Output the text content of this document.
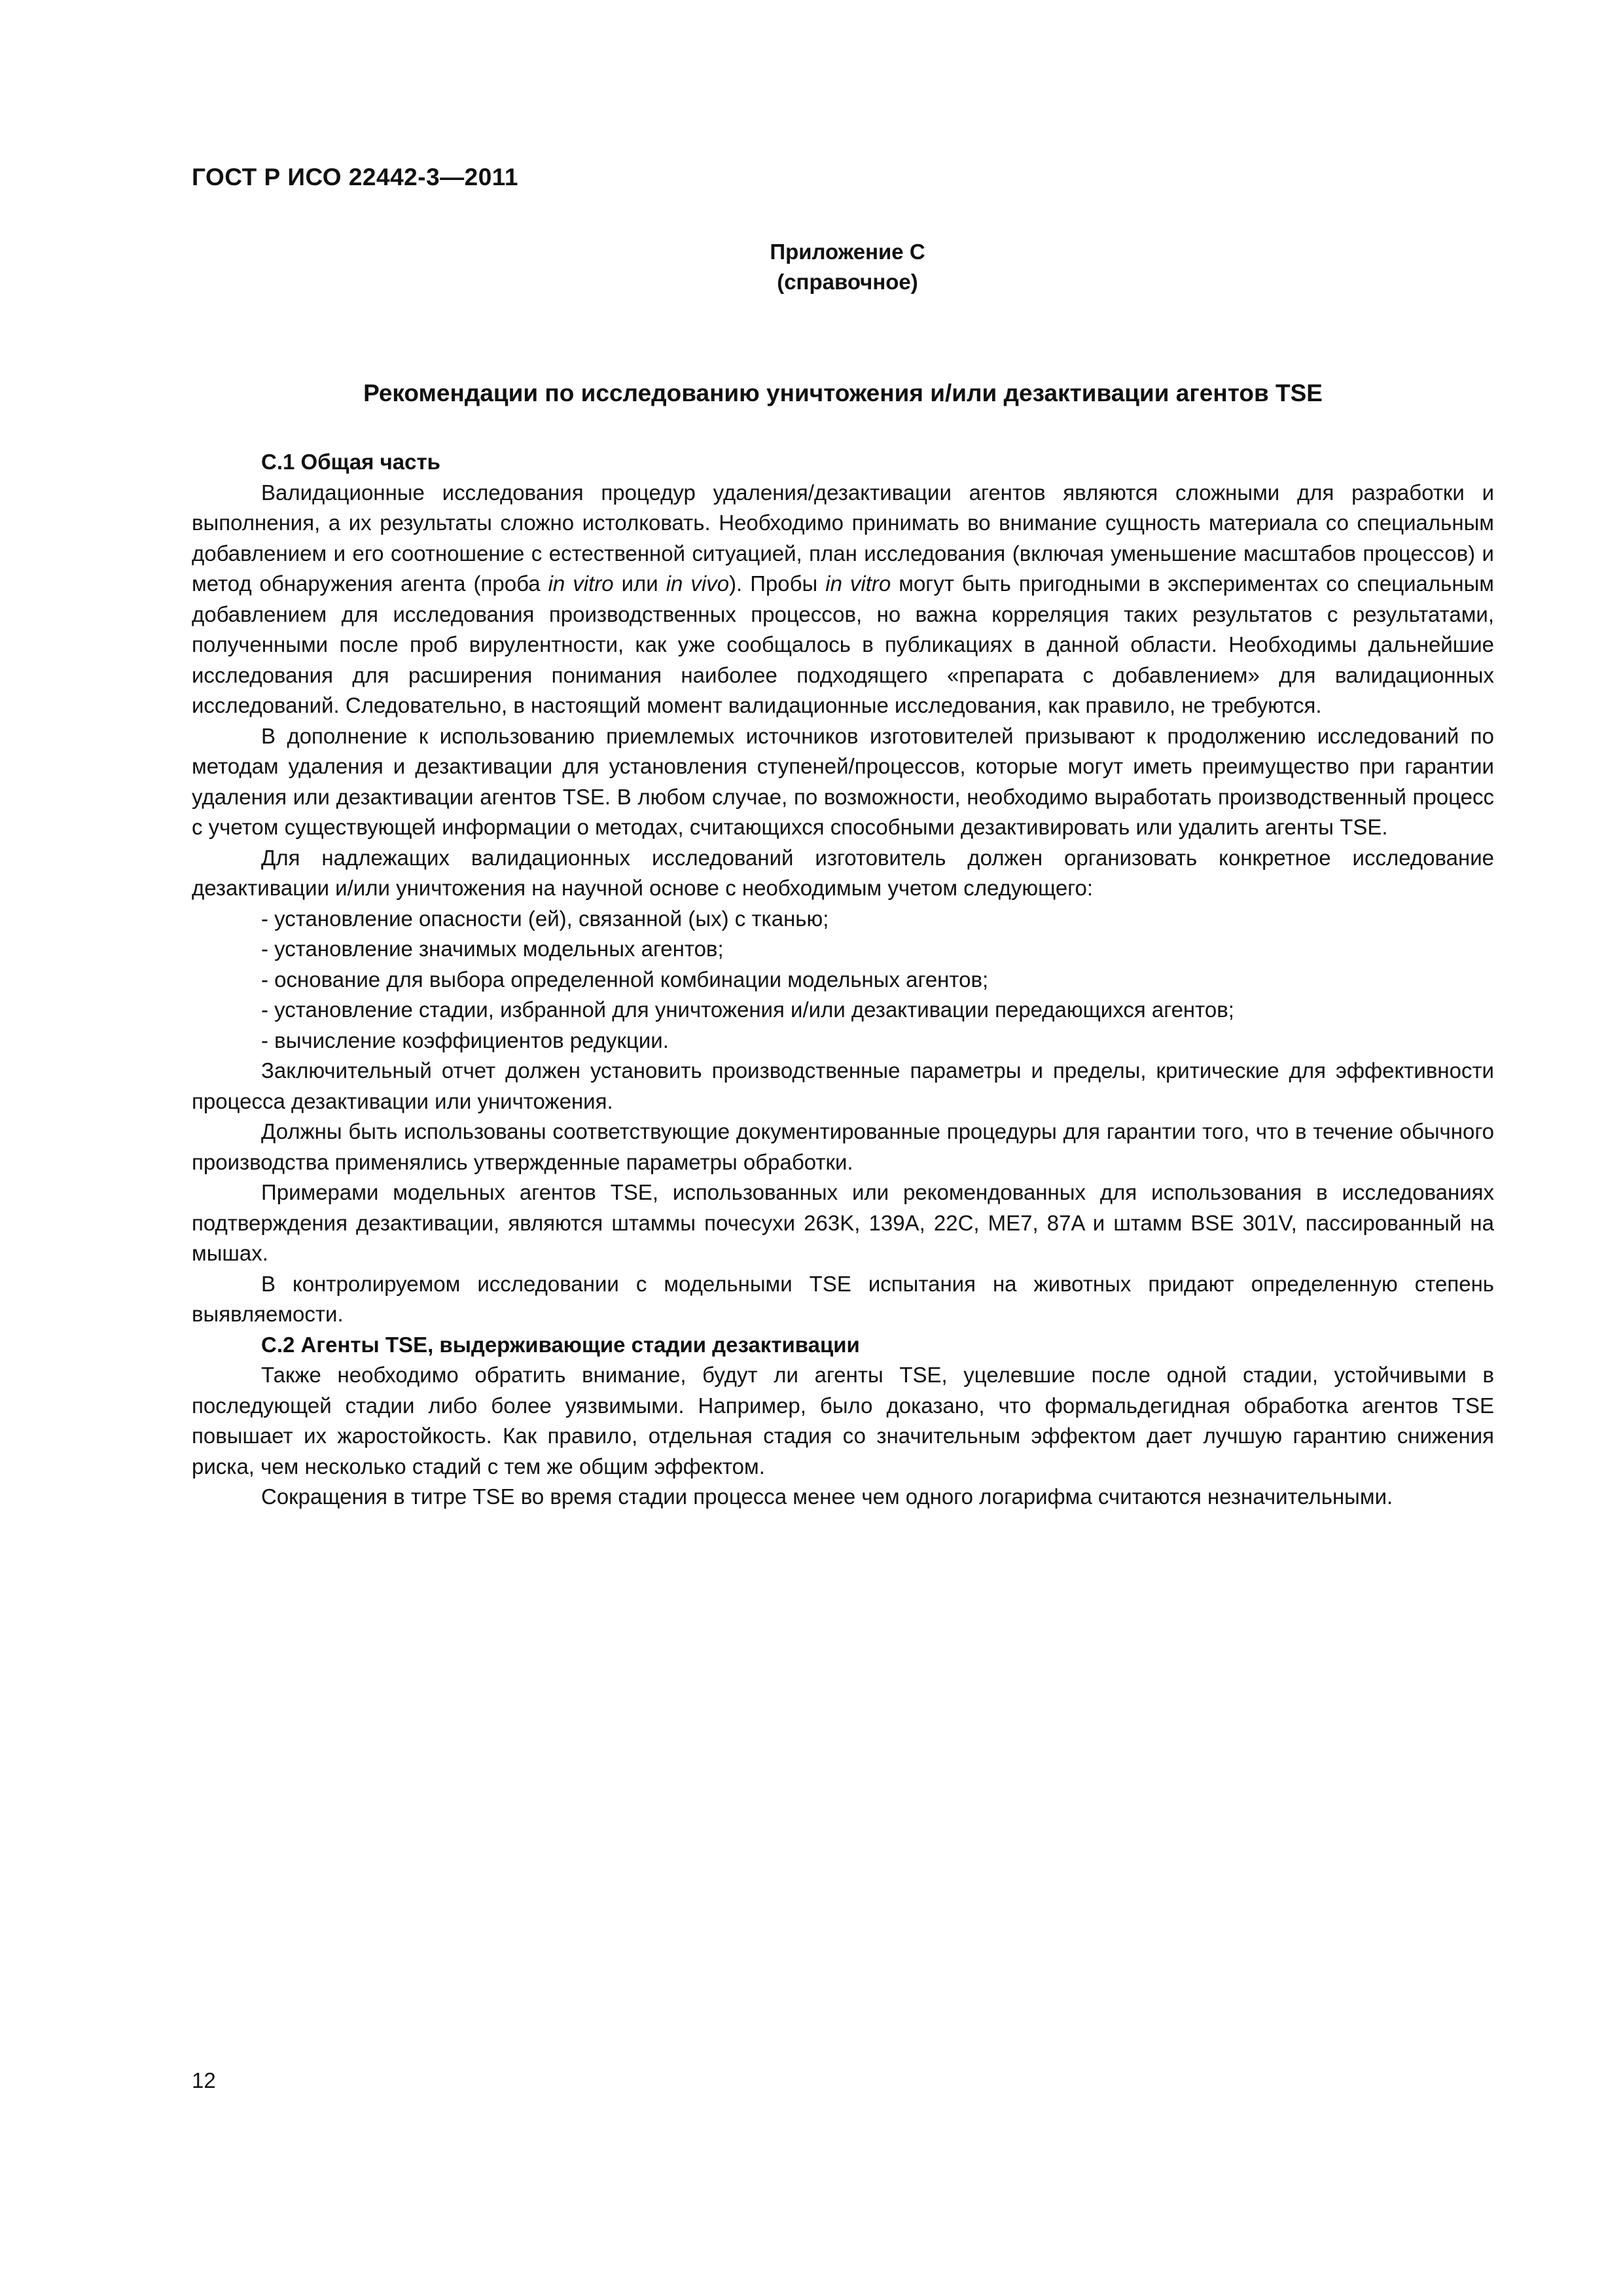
ГОСТ Р ИСО 22442-3—2011
Приложение С
(справочное)
Рекомендации по исследованию уничтожения и/или дезактивации агентов TSE
С.1 Общая часть

Валидационные исследования процедур удаления/дезактивации агентов являются сложными для разработки и выполнения, а их результаты сложно истолковать. Необходимо принимать во внимание сущность материала со специальным добавлением и его соотношение с естественной ситуацией, план исследования (включая уменьшение масштабов процессов) и метод обнаружения агента (проба in vitro или in vivo). Пробы in vitro могут быть пригодными в экспериментах со специальным добавлением для исследования производственных процессов, но важна корреляция таких результатов с результатами, полученными после проб вирулентности, как уже сообщалось в публикациях в данной области. Необходимы дальнейшие исследования для расширения понимания наиболее подходящего «препарата с добавлением» для валидационных исследований. Следовательно, в настоящий момент валидационные исследования, как правило, не требуются.

В дополнение к использованию приемлемых источников изготовителей призывают к продолжению исследований по методам удаления и дезактивации для установления ступеней/процессов, которые могут иметь преимущество при гарантии удаления или дезактивации агентов TSE. В любом случае, по возможности, необходимо выработать производственный процесс с учетом существующей информации о методах, считающихся способными дезактивировать или удалить агенты TSE.

Для надлежащих валидационных исследований изготовитель должен организовать конкретное исследование дезактивации и/или уничтожения на научной основе с необходимым учетом следующего:

- установление опасности (ей), связанной (ых) с тканью;

- установление значимых модельных агентов;

- основание для выбора определенной комбинации модельных агентов;

- установление стадии, избранной для уничтожения и/или дезактивации передающихся агентов;

- вычисление коэффициентов редукции.

Заключительный отчет должен установить производственные параметры и пределы, критические для эффективности процесса дезактивации или уничтожения.

Должны быть использованы соответствующие документированные процедуры для гарантии того, что в течение обычного производства применялись утвержденные параметры обработки.

Примерами модельных агентов TSE, использованных или рекомендованных для использования в исследованиях подтверждения дезактивации, являются штаммы почесухи 263K, 139A, 22C, ME7, 87A и штамм BSE 301V, пассированный на мышах.

В контролируемом исследовании с модельными TSE испытания на животных придают определенную степень выявляемости.

С.2 Агенты TSE, выдерживающие стадии дезактивации

Также необходимо обратить внимание, будут ли агенты TSE, уцелевшие после одной стадии, устойчивыми в последующей стадии либо более уязвимыми. Например, было доказано, что формальдегидная обработка агентов TSE повышает их жаростойкость. Как правило, отдельная стадия со значительным эффектом дает лучшую гарантию снижения риска, чем несколько стадий с тем же общим эффектом.

Сокращения в титре TSE во время стадии процесса менее чем одного логарифма считаются незначительными.

12
